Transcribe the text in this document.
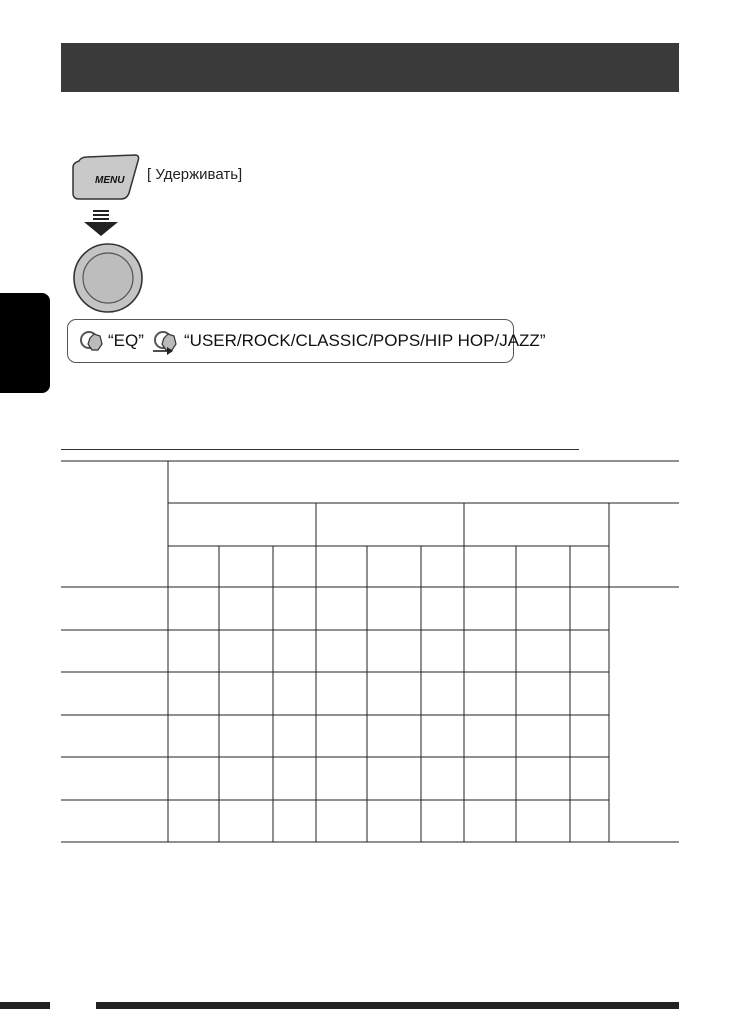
MENU [ Удерживать]
“EQ” “USER/ROCK/CLASSIC/POPS/HIP HOP/JAZZ”
